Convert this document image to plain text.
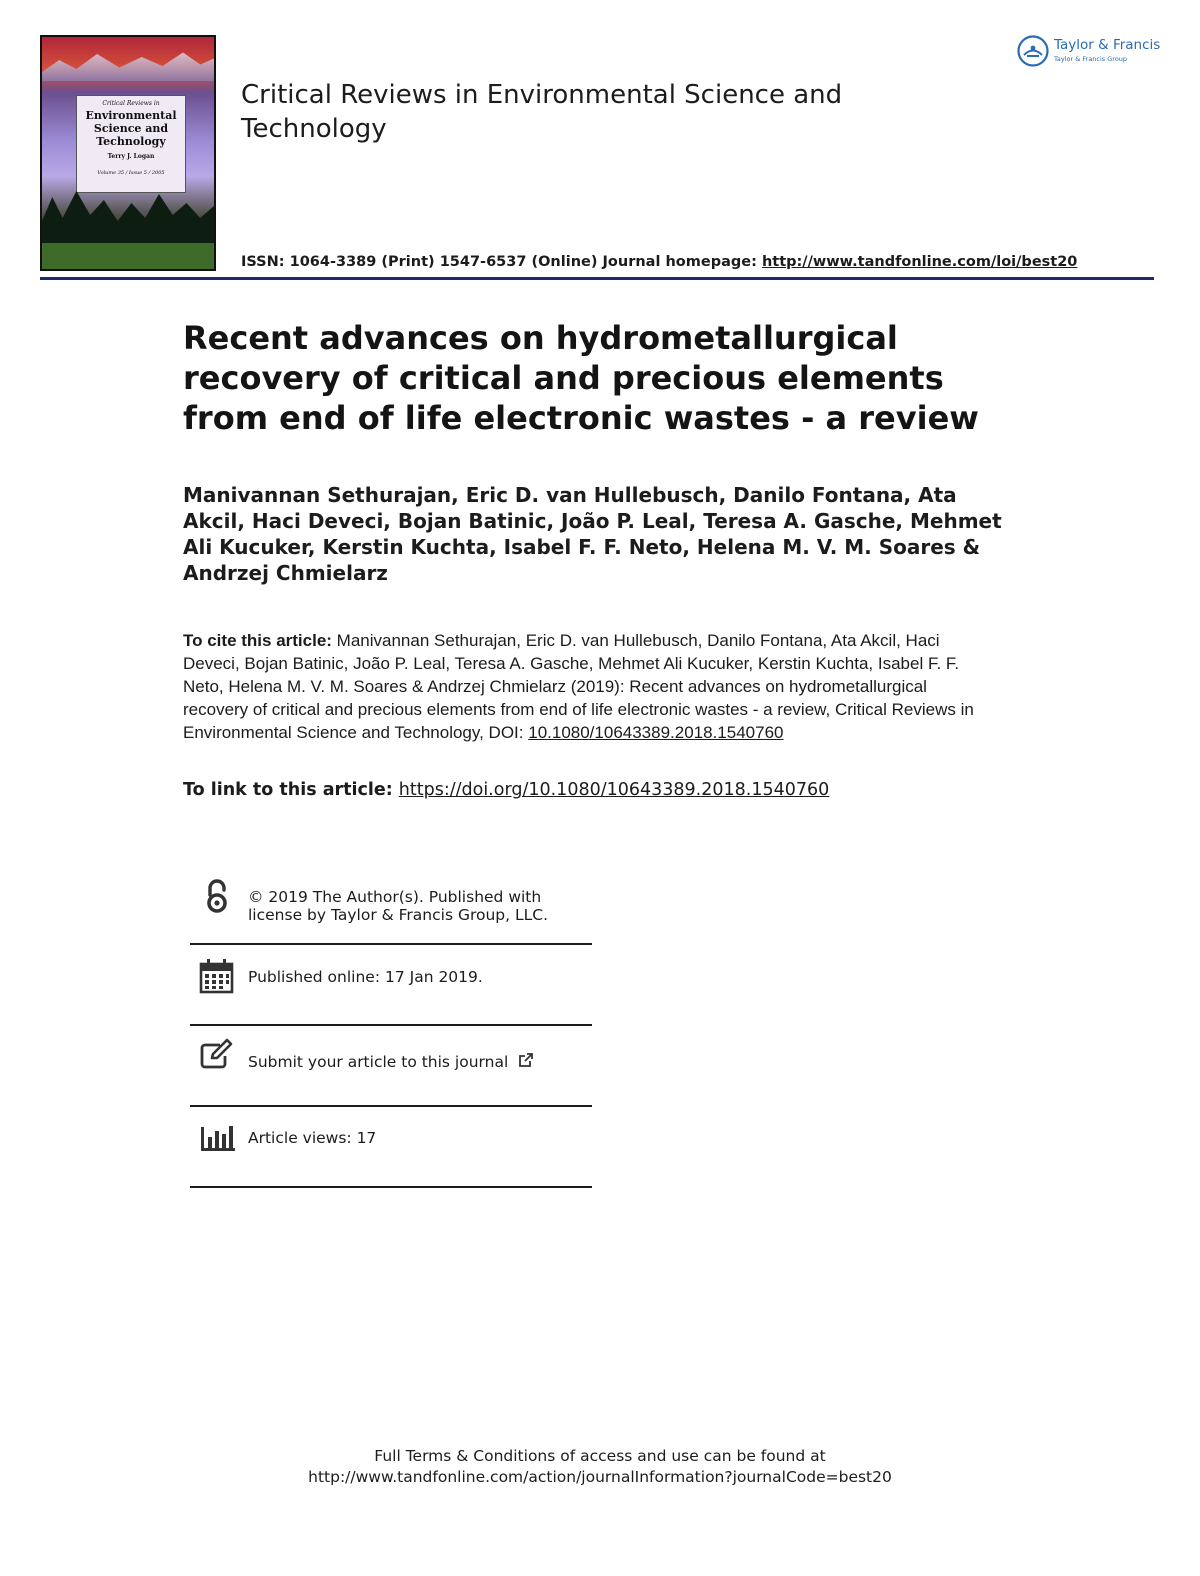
Critical Reviews in
Environmental Science and Technology
Terry J. Logan
Volume 35 / Issue 5 / 2005
Critical Reviews in Environmental Science and Technology
ISSN: 1064-3389 (Print) 1547-6537 (Online) Journal homepage: http://www.tandfonline.com/loi/best20
Taylor & Francis
Taylor & Francis Group
Recent advances on hydrometallurgical recovery of critical and precious elements from end of life electronic wastes - a review
Manivannan Sethurajan, Eric D. van Hullebusch, Danilo Fontana, Ata Akcil, Haci Deveci, Bojan Batinic, João P. Leal, Teresa A. Gasche, Mehmet Ali Kucuker, Kerstin Kuchta, Isabel F. F. Neto, Helena M. V. M. Soares & Andrzej Chmielarz
To cite this article: Manivannan Sethurajan, Eric D. van Hullebusch, Danilo Fontana, Ata Akcil, Haci Deveci, Bojan Batinic, João P. Leal, Teresa A. Gasche, Mehmet Ali Kucuker, Kerstin Kuchta, Isabel F. F. Neto, Helena M. V. M. Soares & Andrzej Chmielarz (2019): Recent advances on hydrometallurgical recovery of critical and precious elements from end of life electronic wastes - a review, Critical Reviews in Environmental Science and Technology, DOI: 10.1080/10643389.2018.1540760
To link to this article: https://doi.org/10.1080/10643389.2018.1540760
© 2019 The Author(s). Published with license by Taylor & Francis Group, LLC.
Published online: 17 Jan 2019.
Submit your article to this journal
Article views: 17
Full Terms & Conditions of access and use can be found at
http://www.tandfonline.com/action/journalInformation?journalCode=best20
